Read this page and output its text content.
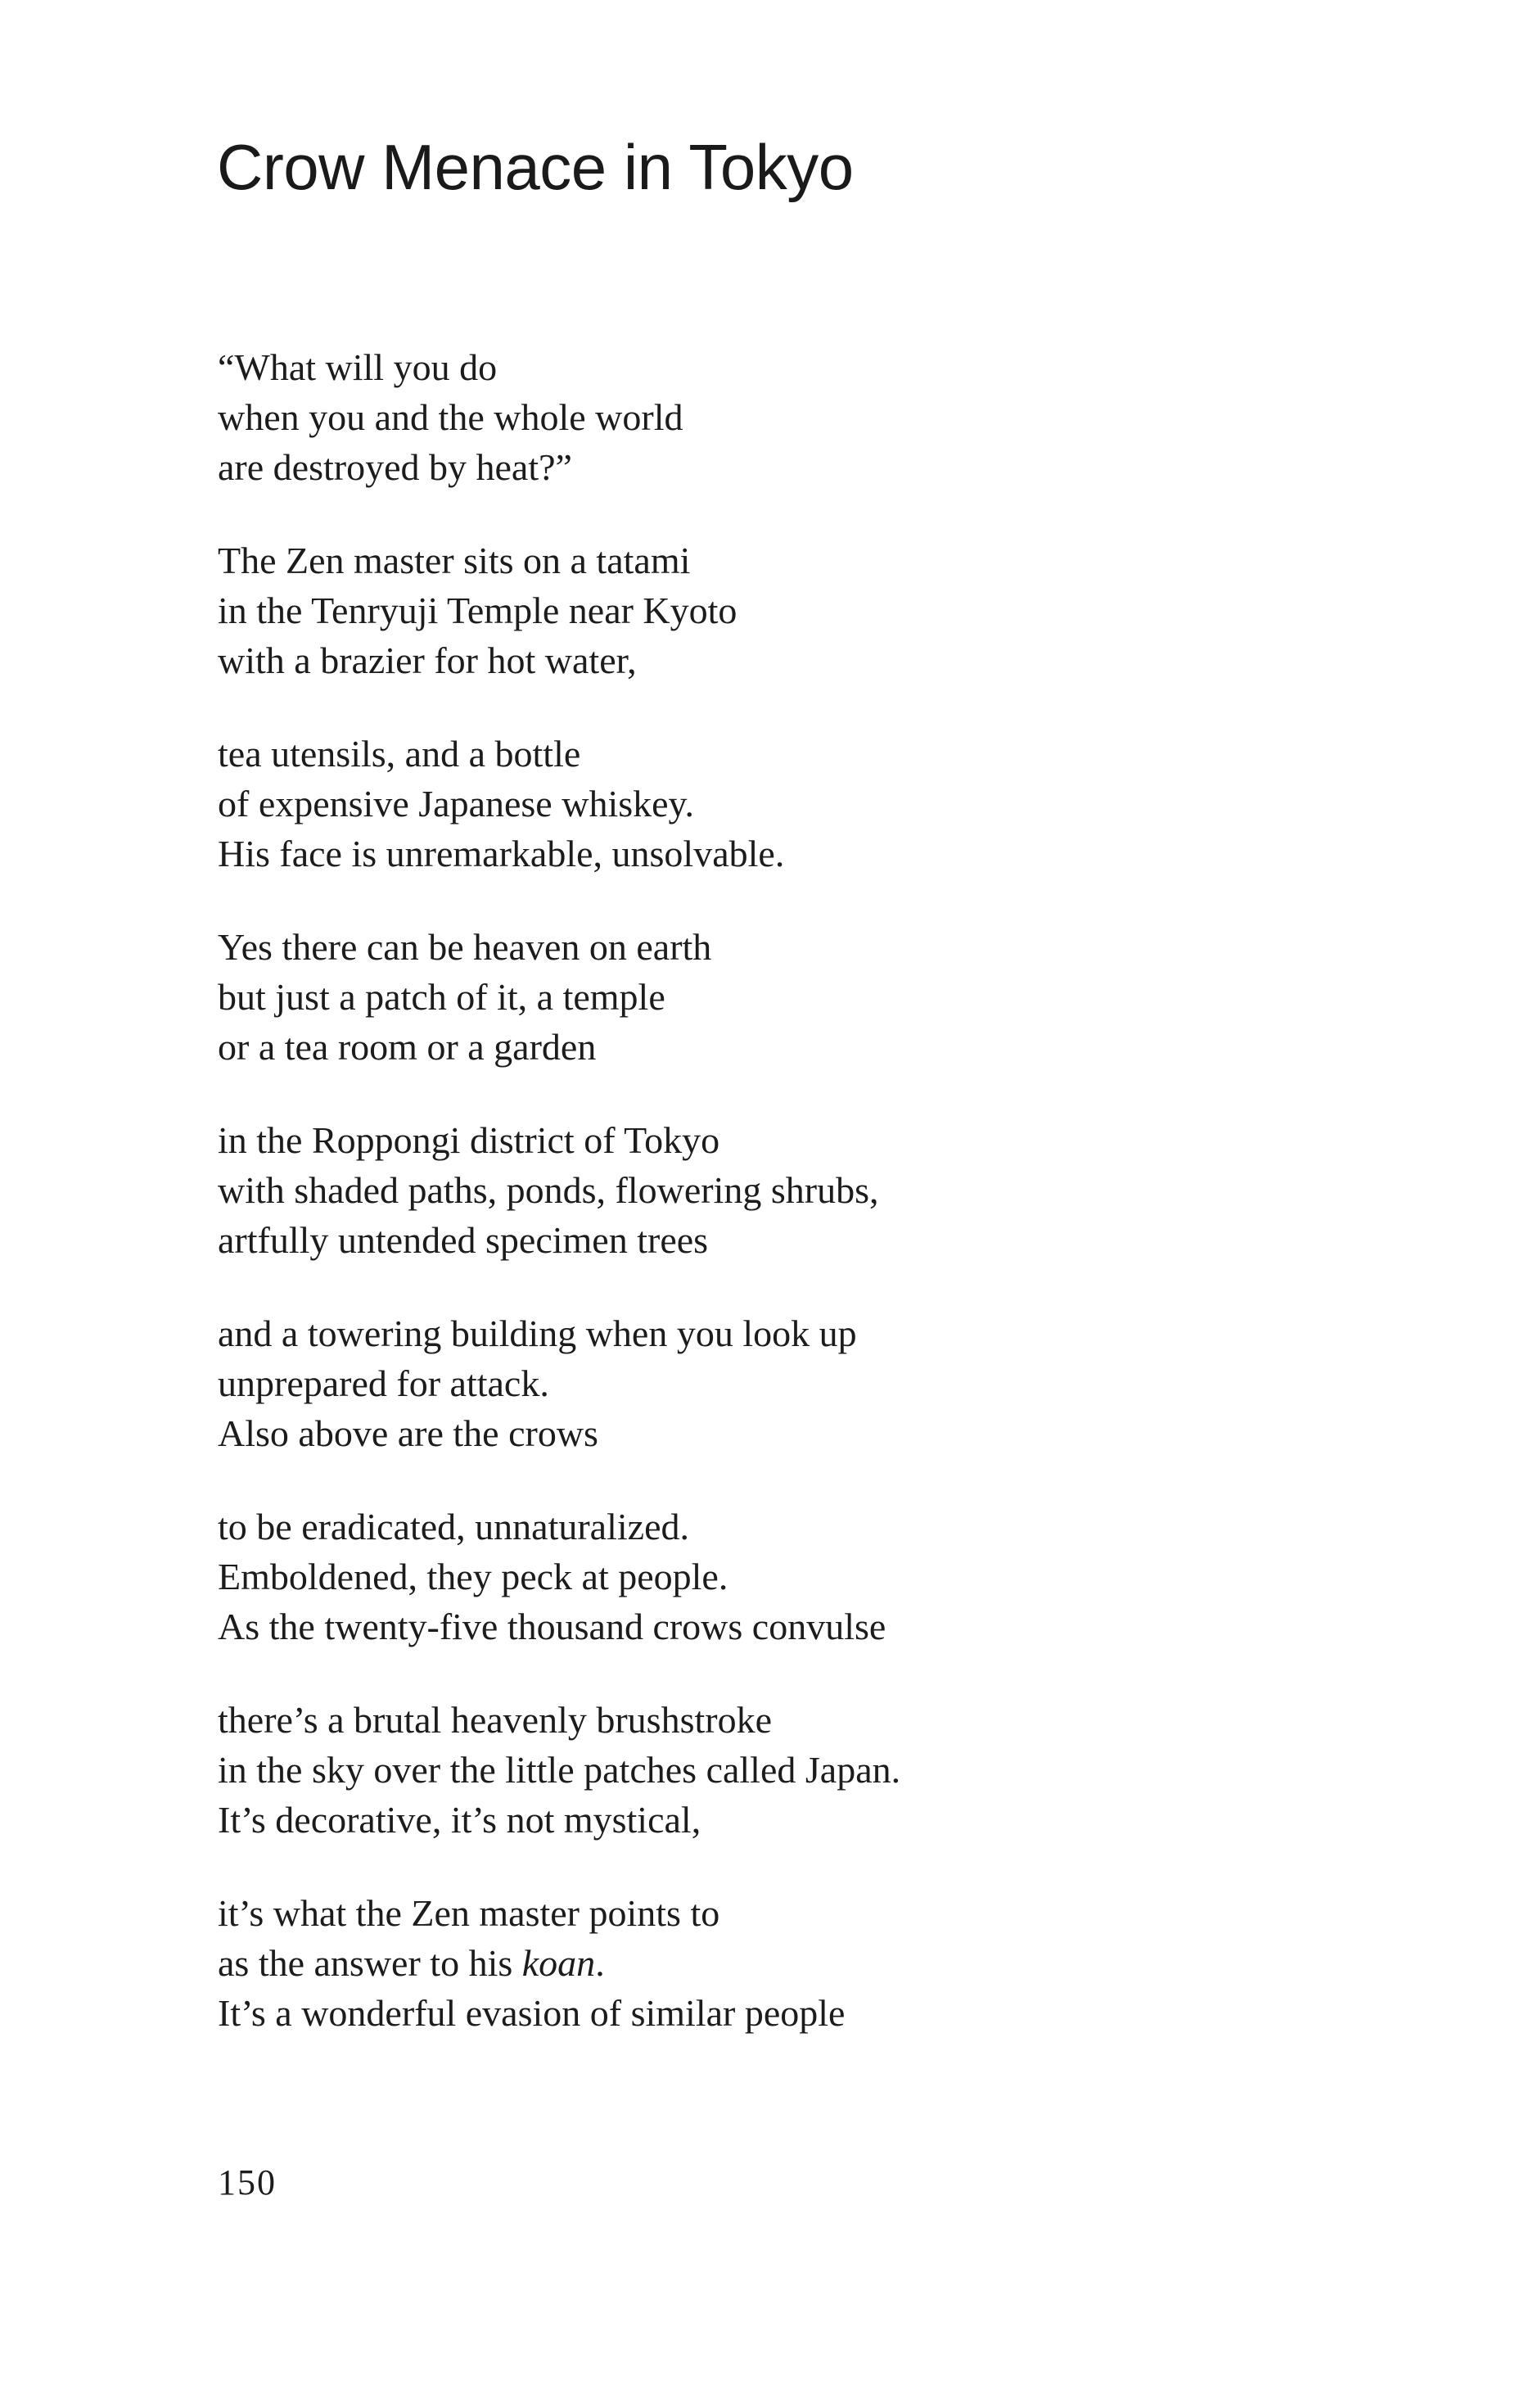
Crow Menace in Tokyo
“What will you do
when you and the whole world
are destroyed by heat?”
The Zen master sits on a tatami
in the Tenryuji Temple near Kyoto
with a brazier for hot water,
tea utensils, and a bottle
of expensive Japanese whiskey.
His face is unremarkable, unsolvable.
Yes there can be heaven on earth
but just a patch of it, a temple
or a tea room or a garden
in the Roppongi district of Tokyo
with shaded paths, ponds, flowering shrubs,
artfully untended specimen trees
and a towering building when you look up
unprepared for attack.
Also above are the crows
to be eradicated, unnaturalized.
Emboldened, they peck at people.
As the twenty-five thousand crows convulse
there’s a brutal heavenly brushstroke
in the sky over the little patches called Japan.
It’s decorative, it’s not mystical,
it’s what the Zen master points to
as the answer to his koan.
It’s a wonderful evasion of similar people
150
